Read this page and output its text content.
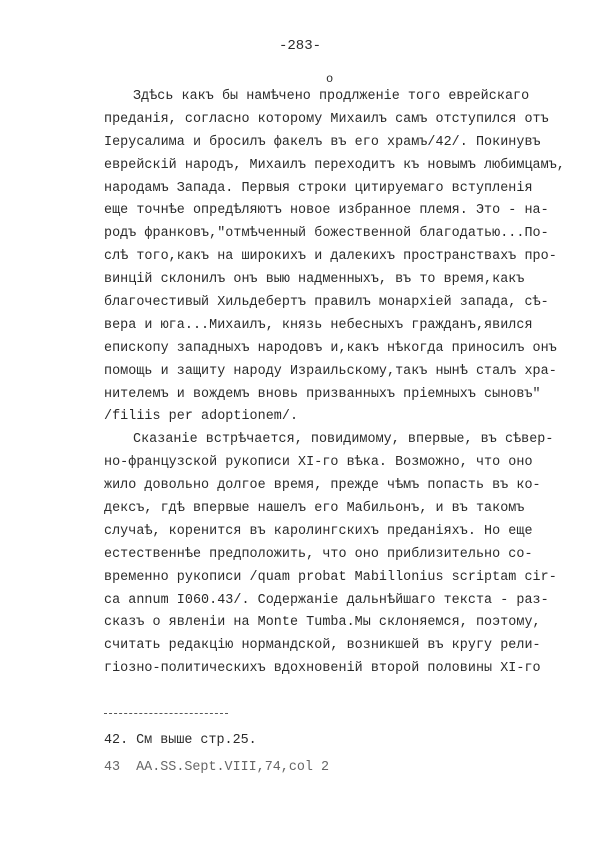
-283-
o
Здѣсь какъ бы намѣчено продлженіе того еврейскаго
преданія, согласно которому Михаилъ самъ отступился отъ
Іерусалима и бросилъ факелъ въ его храмъ/42/. Покинувъ
еврейскій народъ, Михаилъ переходитъ къ новымъ любимцамъ,
народамъ Запада. Первыя строки цитируемаго вступленія
еще точнѣе опредѣляютъ новое избранное племя. Это - на-
родъ франковъ,"отмѣченный божественной благодатью...По-
слѣ того,какъ на широкихъ и далекихъ пространствахъ про-
винцій склонилъ онъ выю надменныхъ, въ то время,какъ
благочестивый Хильдебертъ правилъ монархіей запада, сѣ-
вера и юга...Михаилъ, князь небесныхъ гражданъ,явился
епископу западныхъ народовъ и,какъ нѣкогда приносилъ онъ
помощь и защиту народу Израильскому,такъ нынѣ сталъ хра-
нителемъ и вождемъ вновь призванныхъ пріемныхъ сыновъ"
/filiis per adoptionem/.
Сказаніе встрѣчается, повидимому, впервые, въ сѣвер-
но-французской рукописи XI-го вѣка. Возможно, что оно
жило довольно долгое время, прежде чѣмъ попасть въ ко-
дексъ, гдѣ впервые нашелъ его Мабильонъ, и въ такомъ
случаѣ, коренится въ каролингскихъ преданіяхъ. Но еще
естественнѣе предположить, что оно приблизительно со-
временно рукописи /quam probat Mabillonius scriptam cir-
ca annum I060.43/. Содержаніе дальнѣйшаго текста - раз-
сказъ о явленіи на Monte Tumba.Мы склоняемся, поэтому,
считать редакцію нормандской, возникшей въ кругу рели-
гіозно-политическихъ вдохновеній второй половины XI-го
42. См выше стр.25.
43  AA.SS.Sept.VIII,74,col 2
